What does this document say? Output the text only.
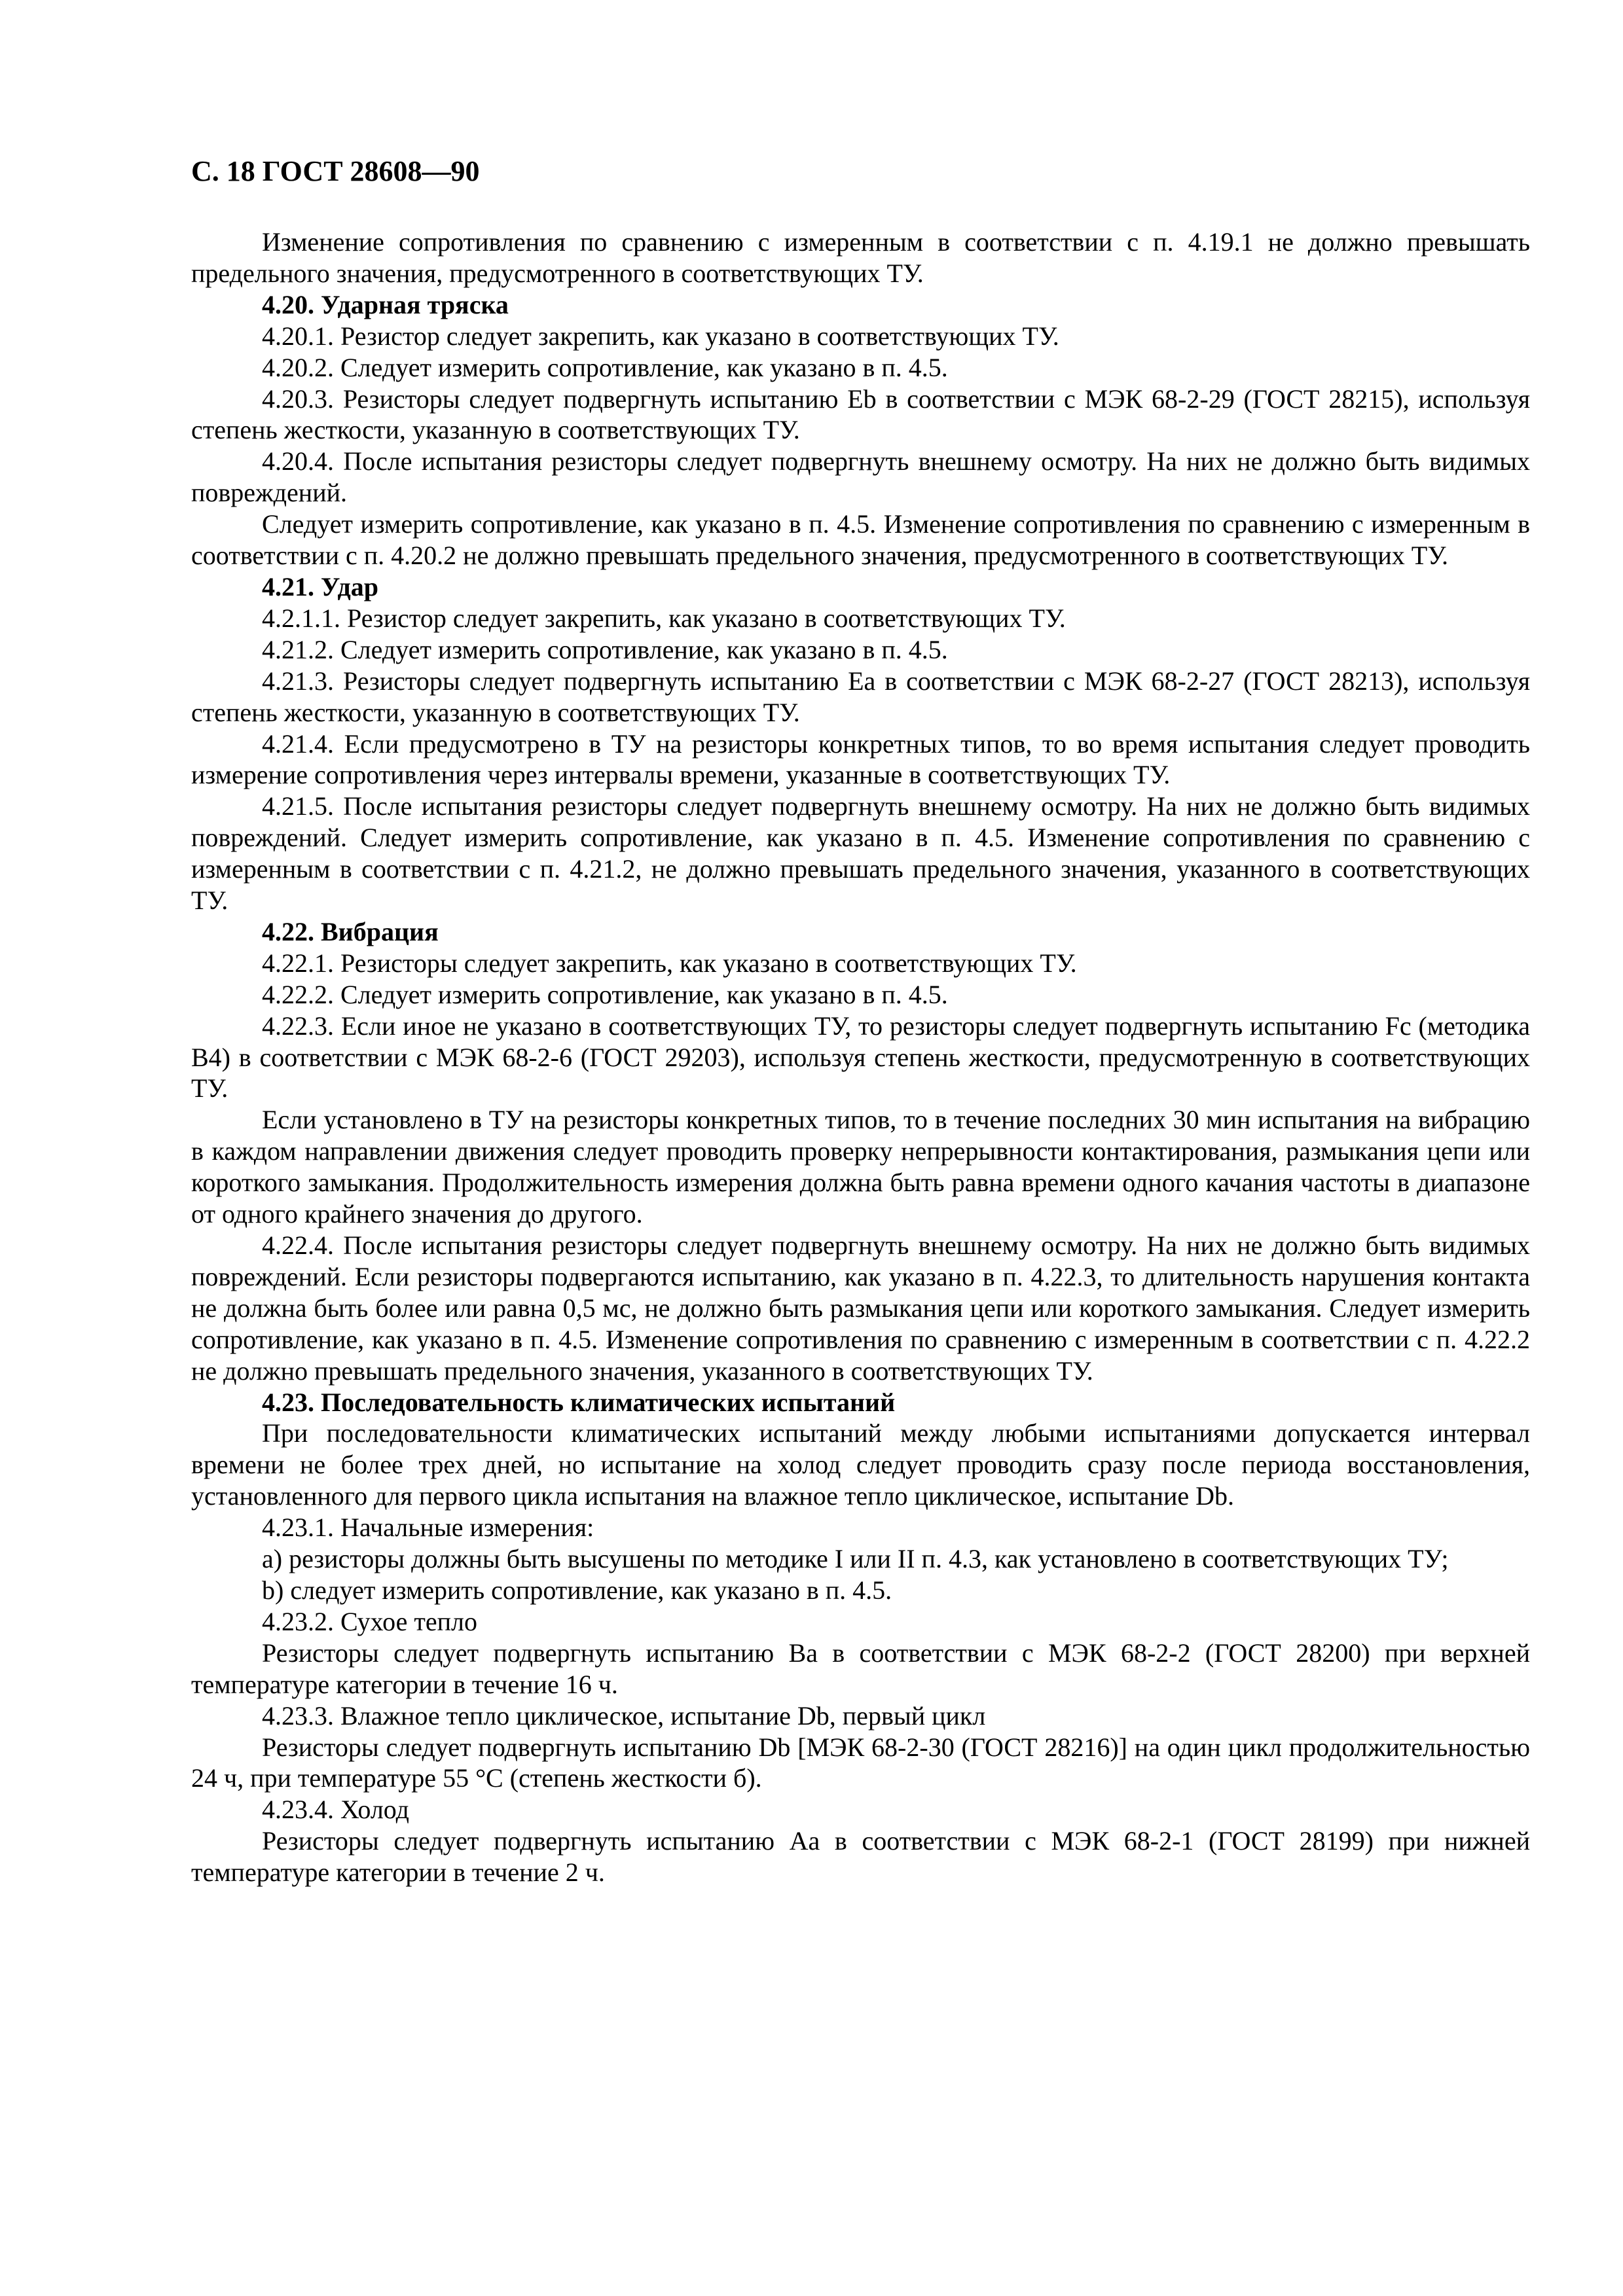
С. 18 ГОСТ 28608—90

Изменение сопротивления по сравнению с измеренным в соответствии с п. 4.19.1 не должно превышать предельного значения, предусмотренного в соответствующих ТУ.

4.20. Ударная тряска

4.20.1. Резистор следует закрепить, как указано в соответствующих ТУ.

4.20.2. Следует измерить сопротивление, как указано в п. 4.5.

4.20.3. Резисторы следует подвергнуть испытанию Eb в соответствии с МЭК 68-2-29 (ГОСТ 28215), используя степень жесткости, указанную в соответствующих ТУ.

4.20.4. После испытания резисторы следует подвергнуть внешнему осмотру. На них не должно быть видимых повреждений.

Следует измерить сопротивление, как указано в п. 4.5. Изменение сопротивления по сравнению с измеренным в соответствии с п. 4.20.2 не должно превышать предельного значения, предусмотренного в соответствующих ТУ.

4.21. Удар

4.2.1.1. Резистор следует закрепить, как указано в соответствующих ТУ.

4.21.2. Следует измерить сопротивление, как указано в п. 4.5.

4.21.3. Резисторы следует подвергнуть испытанию Ea в соответствии с МЭК 68-2-27 (ГОСТ 28213), используя степень жесткости, указанную в соответствующих ТУ.

4.21.4. Если предусмотрено в ТУ на резисторы конкретных типов, то во время испытания следует проводить измерение сопротивления через интервалы времени, указанные в соответствующих ТУ.

4.21.5. После испытания резисторы следует подвергнуть внешнему осмотру. На них не должно быть видимых повреждений. Следует измерить сопротивление, как указано в п. 4.5. Изменение сопротивления по сравнению с измеренным в соответствии с п. 4.21.2, не должно превышать предельного значения, указанного в соответствующих ТУ.

4.22. Вибрация

4.22.1. Резисторы следует закрепить, как указано в соответствующих ТУ.

4.22.2. Следует измерить сопротивление, как указано в п. 4.5.

4.22.3. Если иное не указано в соответствующих ТУ, то резисторы следует подвергнуть испытанию Fc (методика B4) в соответствии с МЭК 68-2-6 (ГОСТ 29203), используя степень жесткости, предусмотренную в соответствующих ТУ.

Если установлено в ТУ на резисторы конкретных типов, то в течение последних 30 мин испытания на вибрацию в каждом направлении движения следует проводить проверку непрерывности контактирования, размыкания цепи или короткого замыкания. Продолжительность измерения должна быть равна времени одного качания частоты в диапазоне от одного крайнего значения до другого.

4.22.4. После испытания резисторы следует подвергнуть внешнему осмотру. На них не должно быть видимых повреждений. Если резисторы подвергаются испытанию, как указано в п. 4.22.3, то длительность нарушения контакта не должна быть более или равна 0,5 мс, не должно быть размыкания цепи или короткого замыкания. Следует измерить сопротивление, как указано в п. 4.5. Изменение сопротивления по сравнению с измеренным в соответствии с п. 4.22.2 не должно превышать предельного значения, указанного в соответствующих ТУ.

4.23. Последовательность климатических испытаний

При последовательности климатических испытаний между любыми испытаниями допускается интервал времени не более трех дней, но испытание на холод следует проводить сразу после периода восстановления, установленного для первого цикла испытания на влажное тепло циклическое, испытание Db.

4.23.1. Начальные измерения:

a) резисторы должны быть высушены по методике I или II п. 4.3, как установлено в соответствующих ТУ;

b) следует измерить сопротивление, как указано в п. 4.5.

4.23.2. Сухое тепло

Резисторы следует подвергнуть испытанию Ba в соответствии с МЭК 68-2-2 (ГОСТ 28200) при верхней температуре категории в течение 16 ч.

4.23.3. Влажное тепло циклическое, испытание Db, первый цикл

Резисторы следует подвергнуть испытанию Db [МЭК 68-2-30 (ГОСТ 28216)] на один цикл продолжительностью 24 ч, при температуре 55 °С (степень жесткости б).

4.23.4. Холод

Резисторы следует подвергнуть испытанию Aa в соответствии с МЭК 68-2-1 (ГОСТ 28199) при нижней температуре категории в течение 2 ч.
